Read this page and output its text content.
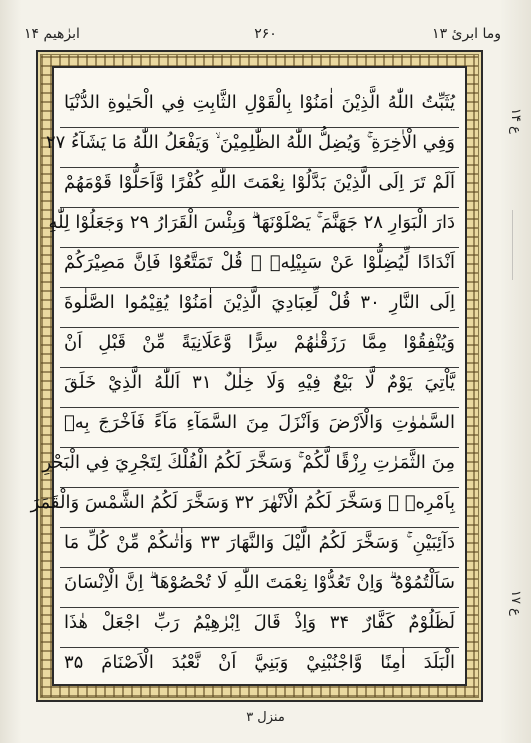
وما ابرئ ۱۳
۲۶۰
ابرٰھیم ۱۴
ع ۱۴
ع ۱۷
يُثَبِّتُ اللّٰهُ الَّذِيْنَ اٰمَنُوْا بِالْقَوْلِ الثَّابِتِ فِي الْحَيٰوةِ الدُّنْيَا
وَفِي الْاٰخِرَةِ ۚ وَيُضِلُّ اللّٰهُ الظّٰلِمِيْنَ ۙ وَيَفْعَلُ اللّٰهُ مَا يَشَآءُ ۲۷
اَلَمْ تَرَ اِلَى الَّذِيْنَ بَدَّلُوْا نِعْمَتَ اللّٰهِ كُفْرًا وَّاَحَلُّوْا قَوْمَهُمْ
دَارَ الْبَوَارِ ۲۸ جَهَنَّمَ ۚ يَصْلَوْنَهَا ۗ وَبِئْسَ الْقَرَارُ ۲۹ وَجَعَلُوْا لِلّٰهِ
اَنْدَادًا لِّيُضِلُّوْا عَنْ سَبِيْلِهٖ ۗ قُلْ تَمَتَّعُوْا فَاِنَّ مَصِيْرَكُمْ
اِلَى النَّارِ ۳۰ قُلْ لِّعِبَادِيَ الَّذِيْنَ اٰمَنُوْا يُقِيْمُوا الصَّلٰوةَ
وَيُنْفِقُوْا مِمَّا رَزَقْنٰهُمْ سِرًّا وَّعَلَانِيَةً مِّنْ قَبْلِ اَنْ
يَّاْتِيَ يَوْمٌ لَّا بَيْعٌ فِيْهِ وَلَا خِلٰلٌ ۳۱ اَللّٰهُ الَّذِيْ خَلَقَ
السَّمٰوٰتِ وَالْاَرْضَ وَاَنْزَلَ مِنَ السَّمَآءِ مَآءً فَاَخْرَجَ بِهٖ
مِنَ الثَّمَرٰتِ رِزْقًا لَّكُمْ ۚ وَسَخَّرَ لَكُمُ الْفُلْكَ لِتَجْرِيَ فِي الْبَحْرِ
بِاَمْرِهٖ ۚ وَسَخَّرَ لَكُمُ الْاَنْهٰرَ ۳۲ وَسَخَّرَ لَكُمُ الشَّمْسَ وَالْقَمَرَ
دَآئِبَيْنِ ۚ وَسَخَّرَ لَكُمُ الَّيْلَ وَالنَّهَارَ ۳۳ وَاٰتٰىكُمْ مِّنْ كُلِّ مَا
سَاَلْتُمُوْهُ ۗ وَاِنْ تَعُدُّوْا نِعْمَتَ اللّٰهِ لَا تُحْصُوْهَا ۗ اِنَّ الْاِنْسَانَ
لَظَلُوْمٌ كَفَّارٌ ۳۴ وَاِذْ قَالَ اِبْرٰهِيْمُ رَبِّ اجْعَلْ هٰذَا
الْبَلَدَ اٰمِنًا وَّاجْنُبْنِيْ وَبَنِيَّ اَنْ نَّعْبُدَ الْاَصْنَامَ ۳۵
منزل ۳
